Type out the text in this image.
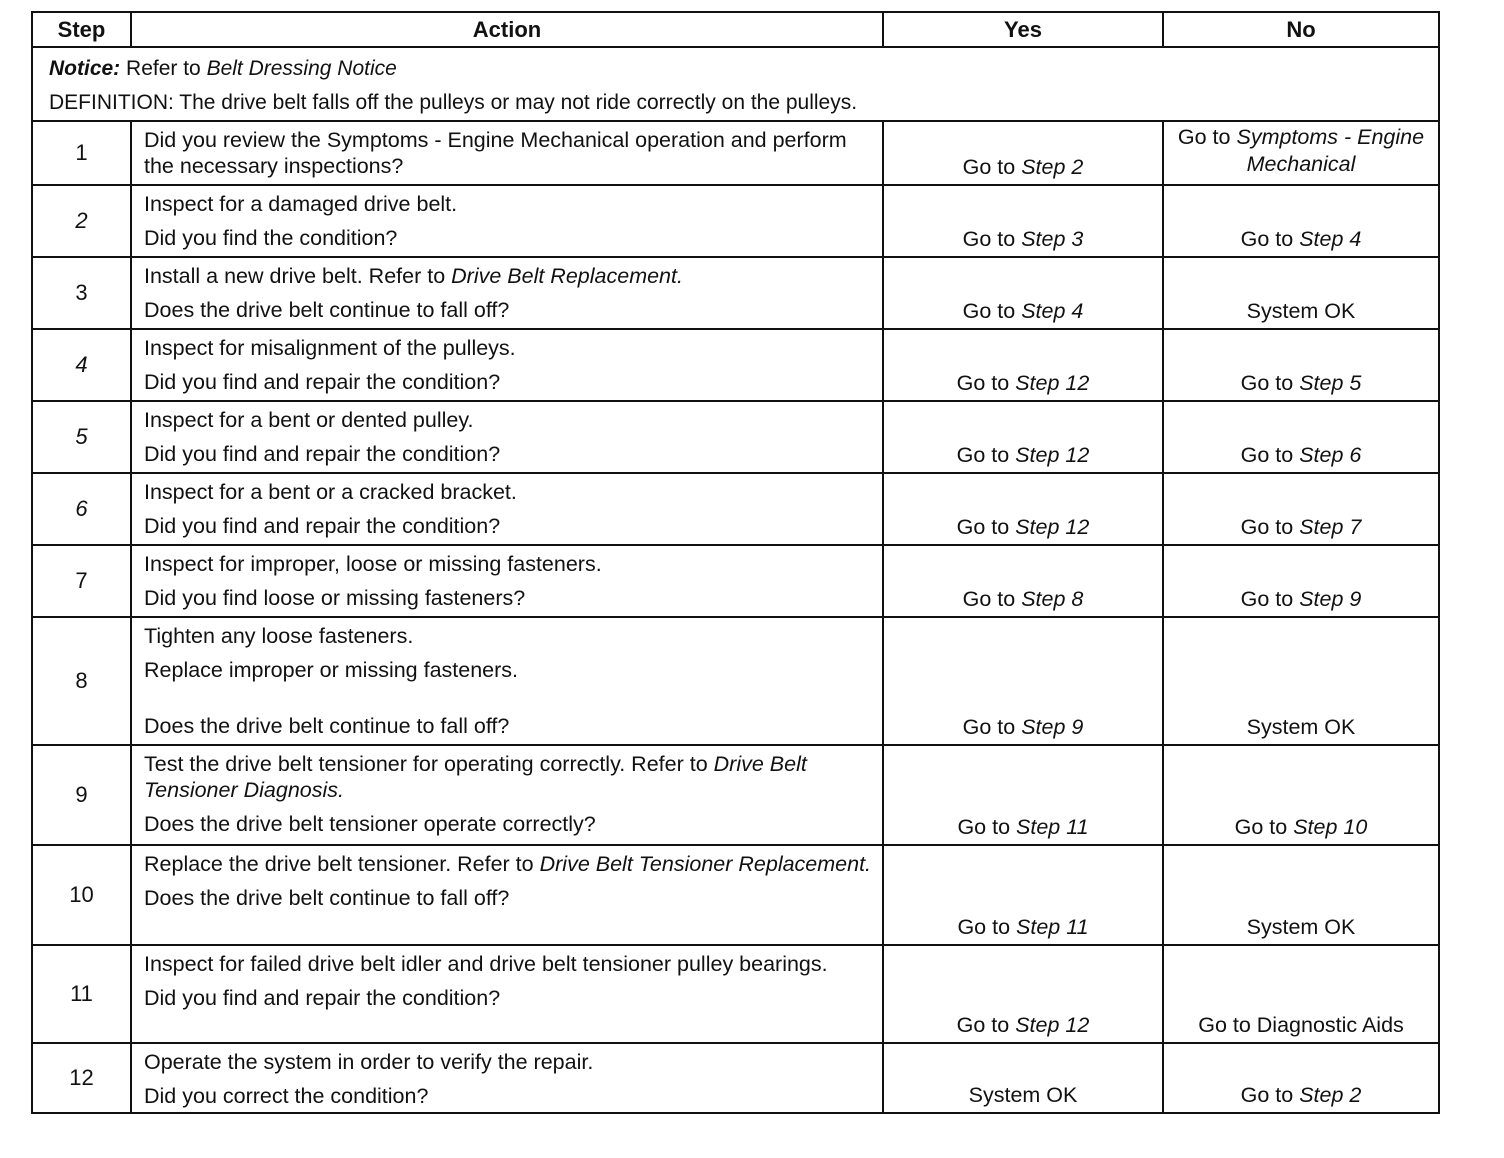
Step	Action	Yes	No
Notice: Refer to Belt Dressing Notice
DEFINITION: The drive belt falls off the pulleys or may not ride correctly on the pulleys.			
1	Did you review the Symptoms - Engine Mechanical operation and perform the necessary inspections?	Go to Step 2	Go to Symptoms - Engine Mechanical
2	Inspect for a damaged drive belt.
Did you find the condition?	Go to Step 3	Go to Step 4
3	Install a new drive belt. Refer to Drive Belt Replacement.
Does the drive belt continue to fall off?	Go to Step 4	System OK
4	Inspect for misalignment of the pulleys.
Did you find and repair the condition?	Go to Step 12	Go to Step 5
5	Inspect for a bent or dented pulley.
Did you find and repair the condition?	Go to Step 12	Go to Step 6
6	Inspect for a bent or a cracked bracket.
Did you find and repair the condition?	Go to Step 12	Go to Step 7
7	Inspect for improper, loose or missing fasteners.
Did you find loose or missing fasteners?	Go to Step 8	Go to Step 9
8	Tighten any loose fasteners.
Replace improper or missing fasteners.
Does the drive belt continue to fall off?	Go to Step 9	System OK
9	Test the drive belt tensioner for operating correctly. Refer to Drive Belt Tensioner Diagnosis.
Does the drive belt tensioner operate correctly?	Go to Step 11	Go to Step 10
10	Replace the drive belt tensioner. Refer to Drive Belt Tensioner Replacement.
Does the drive belt continue to fall off?	Go to Step 11	System OK
11	Inspect for failed drive belt idler and drive belt tensioner pulley bearings.
Did you find and repair the condition?	Go to Step 12	Go to Diagnostic Aids
12	Operate the system in order to verify the repair.
Did you correct the condition?	System OK	Go to Step 2
